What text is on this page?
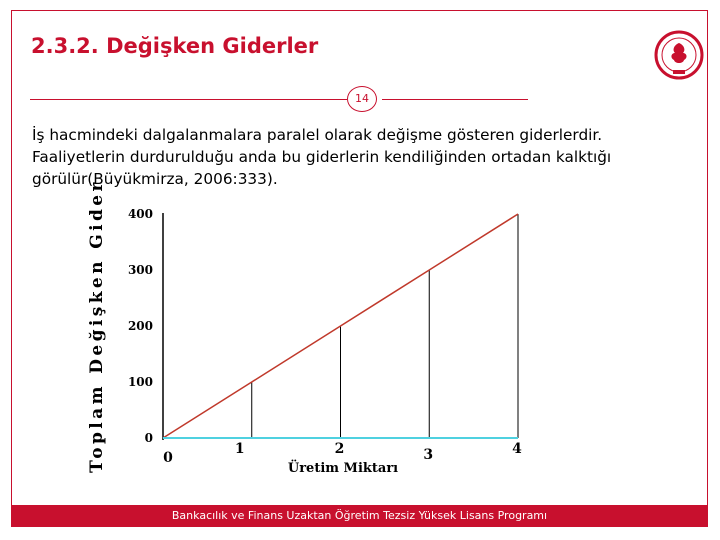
2.3.2. Değişken Giderler
14

İş hacmindeki dalgalanmalara paralel olarak değişme gösteren giderlerdir. Faaliyetlerin durdurulduğu anda bu giderlerin kendiliğinden ortadan kalktığı görülür(Büyükmirza, 2006:333).

400
300
200
100
0
0
1	2	3	4
Toplam Değişken Gider	Üretim Miktarı
Bankacılık ve Finans Uzaktan Öğretim Tezsiz Yüksek Lisans Programı
